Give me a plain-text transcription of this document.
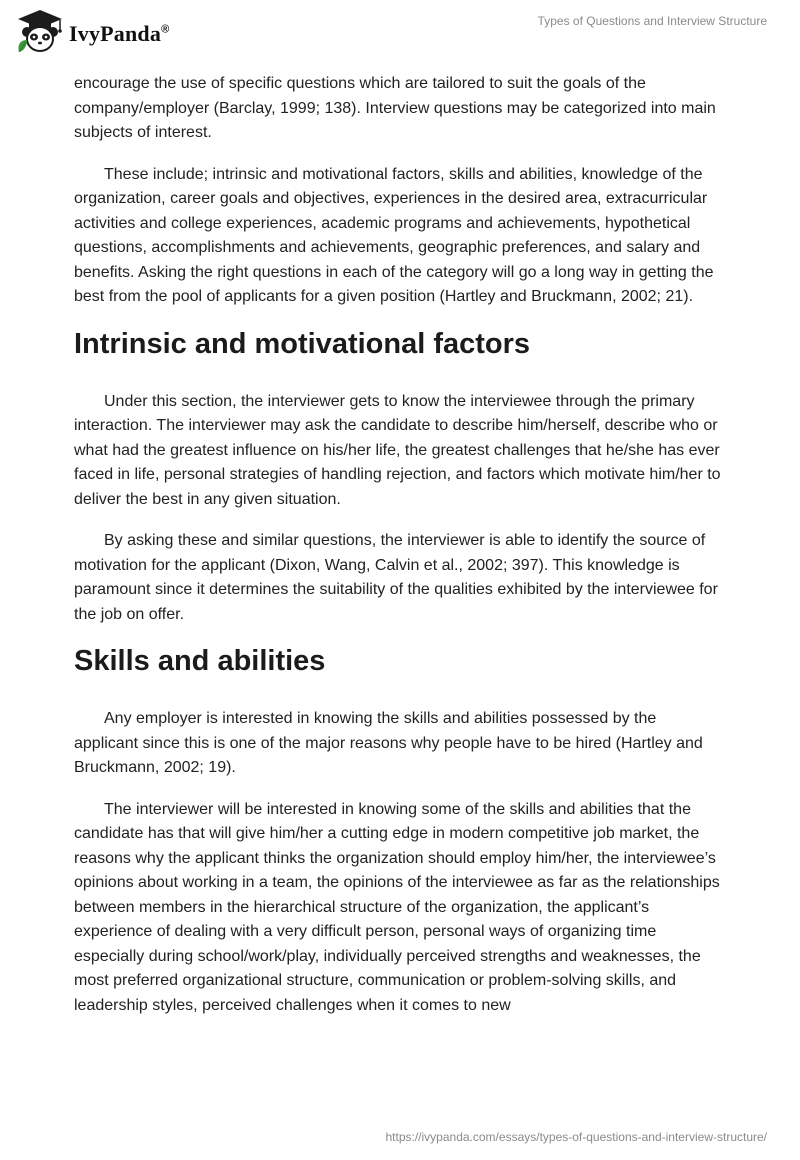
IvyPanda®
Types of Questions and Interview Structure

encourage the use of specific questions which are tailored to suit the goals of the company/employer (Barclay, 1999; 138). Interview questions may be categorized into main subjects of interest.

These include; intrinsic and motivational factors, skills and abilities, knowledge of the organization, career goals and objectives, experiences in the desired area, extracurricular activities and college experiences, academic programs and achievements, hypothetical questions, accomplishments and achievements, geographic preferences, and salary and benefits. Asking the right questions in each of the category will go a long way in getting the best from the pool of applicants for a given position (Hartley and Bruckmann, 2002; 21).

Intrinsic and motivational factors

Under this section, the interviewer gets to know the interviewee through the primary interaction. The interviewer may ask the candidate to describe him/herself, describe who or what had the greatest influence on his/her life, the greatest challenges that he/she has ever faced in life, personal strategies of handling rejection, and factors which motivate him/her to deliver the best in any given situation.

By asking these and similar questions, the interviewer is able to identify the source of motivation for the applicant (Dixon, Wang, Calvin et al., 2002; 397). This knowledge is paramount since it determines the suitability of the qualities exhibited by the interviewee for the job on offer.

Skills and abilities

Any employer is interested in knowing the skills and abilities possessed by the applicant since this is one of the major reasons why people have to be hired (Hartley and Bruckmann, 2002; 19).

The interviewer will be interested in knowing some of the skills and abilities that the candidate has that will give him/her a cutting edge in modern competitive job market, the reasons why the applicant thinks the organization should employ him/her, the interviewee’s opinions about working in a team, the opinions of the interviewee as far as the relationships between members in the hierarchical structure of the organization, the applicant’s experience of dealing with a very difficult person, personal ways of organizing time especially during school/work/play, individually perceived strengths and weaknesses, the most preferred organizational structure, communication or problem-solving skills, and leadership styles, perceived challenges when it comes to new

https://ivypanda.com/essays/types-of-questions-and-interview-structure/
